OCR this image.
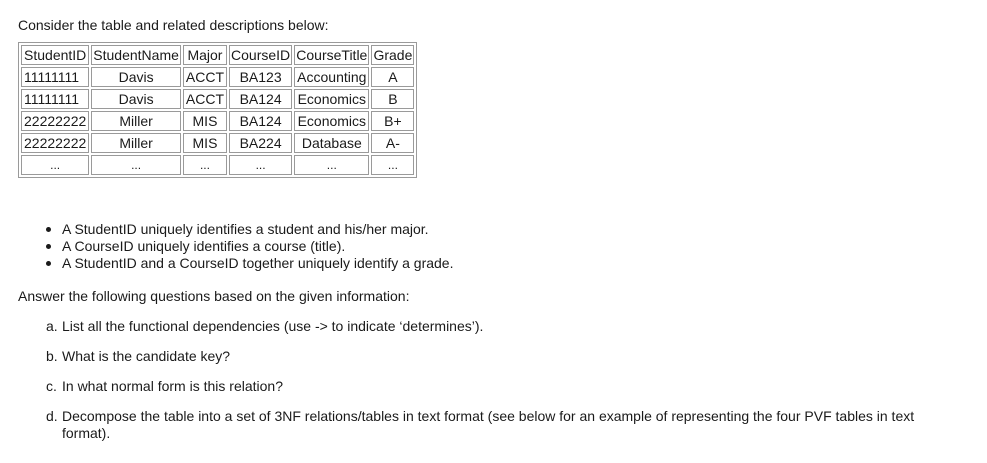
Consider the table and related descriptions below:
StudentID	StudentName	Major	CourseID	CourseTitle	Grade
11111111	Davis	ACCT	BA123	Accounting	A
11111111	Davis	ACCT	BA124	Economics	B
22222222	Miller	MIS	BA124	Economics	B+
22222222	Miller	MIS	BA224	Database	A-
...	...	...	...	...	...
A StudentID uniquely identifies a student and his/her major.
A CourseID uniquely identifies a course (title).
A StudentID and a CourseID together uniquely identify a grade.
Answer the following questions based on the given information:
a. List all the functional dependencies (use -> to indicate ‘determines’).
b. What is the candidate key?
c. In what normal form is this relation?
d. Decompose the table into a set of 3NF relations/tables in text format (see below for an example of representing the four PVF tables in text
format).
